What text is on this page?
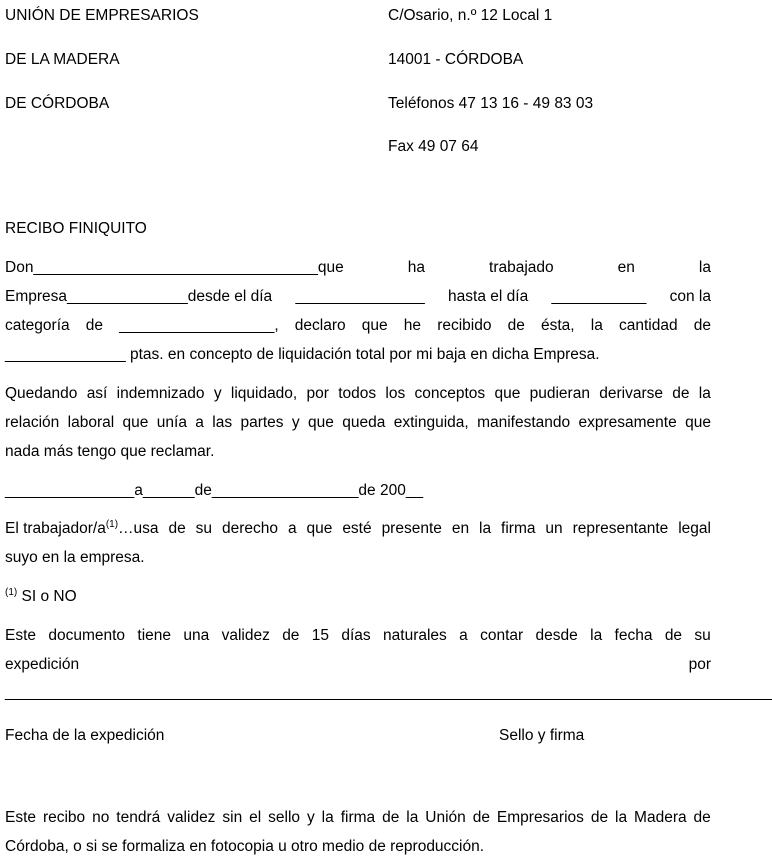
UNIÓN DE EMPRESARIOS
DE LA MADERA
DE CÓRDOBA
C/Osario, n.º 12 Local 1
14001 - CÓRDOBA
Teléfonos 47 13 16 - 49 83 03
Fax 49 07 64
RECIBO FINIQUITO
Don_________________________________que	ha	trabajado	en	la
Empresa______________desde el día _______________ hasta el día ___________ con la
categoría de __________________, declaro que he recibido de ésta, la cantidad de
______________ ptas. en concepto de liquidación total por mi baja en dicha Empresa.
Quedando así indemnizado y liquidado, por todos los conceptos que pudieran derivarse de la
relación laboral que unía a las partes y que queda extinguida, manifestando expresamente que
nada más tengo que reclamar.
_______________a______de_________________de 200__
El trabajador/$a^{(1)}\dots usa$ de su derecho a que esté presente en la firma un representante legal
suyo en la empresa.
$^{(1)}$ SI o NO
Este documento tiene una validez de 15 días naturales a contar desde la fecha de su
expedición	por
_________________________________________________________________________________________
Fecha de la expedición	Sello y firma
Este recibo no tendrá validez sin el sello y la firma de la Unión de Empresarios de la Madera de
Córdoba, o si se formaliza en fotocopia u otro medio de reproducción.
